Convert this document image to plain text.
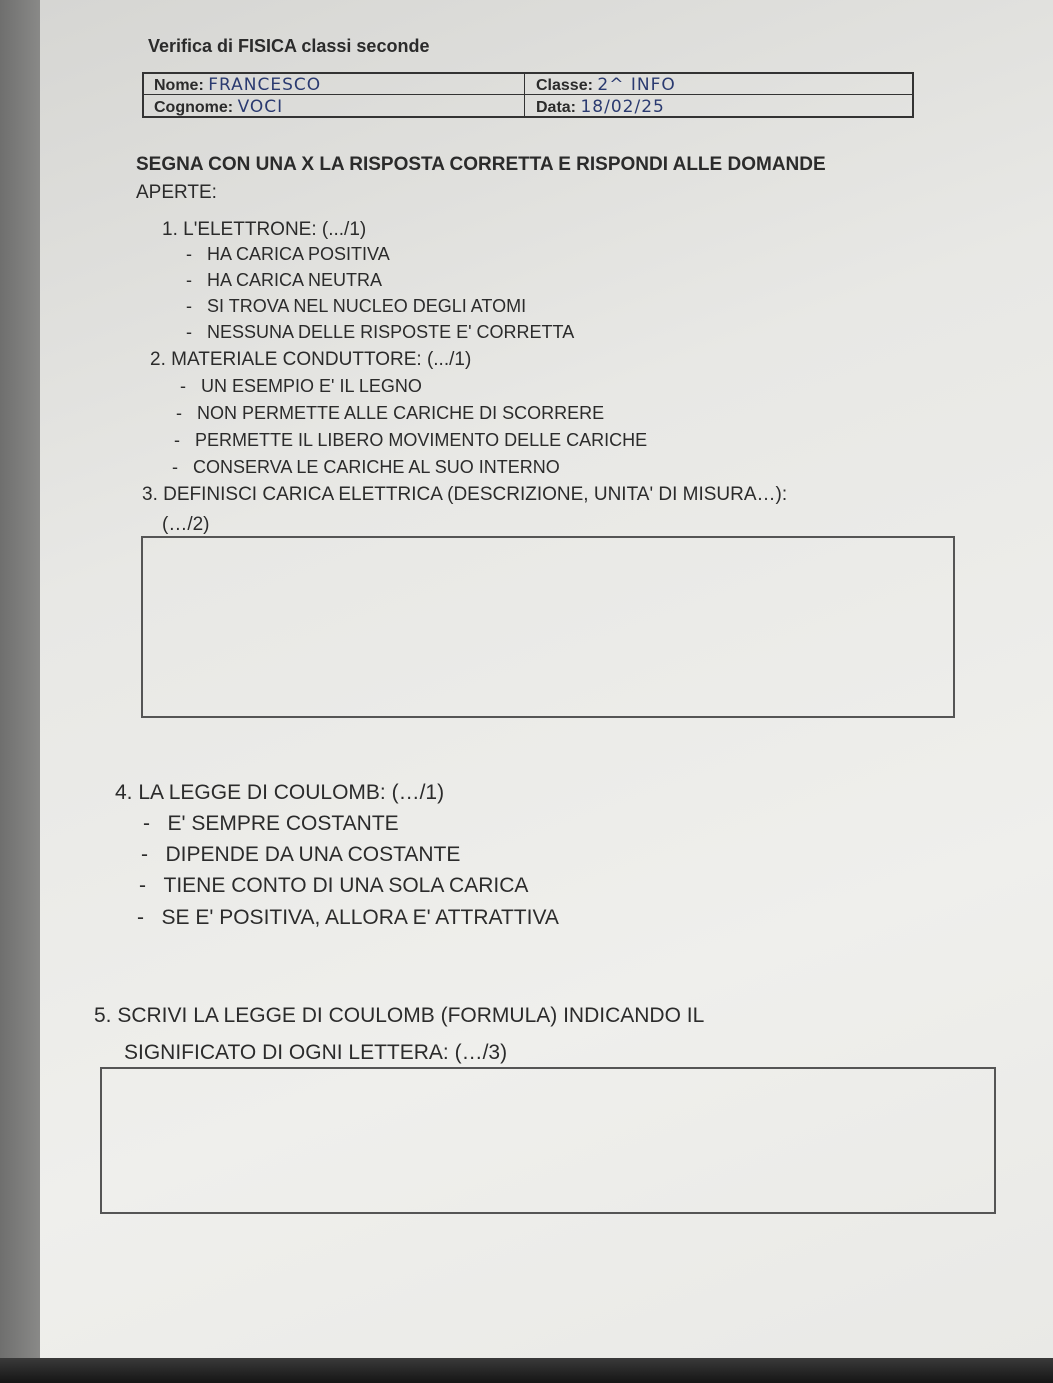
Verifica di FISICA classi seconde
Nome: FRANCESCO	Classe: 2^ INFO
Cognome: VOCI	Data: 18/02/25
SEGNA CON UNA X LA RISPOSTA CORRETTA E RISPONDI ALLE DOMANDE
APERTE:
1. L'ELETTRONE: (.../1)
- HA CARICA POSITIVA
- HA CARICA NEUTRA
- SI TROVA NEL NUCLEO DEGLI ATOMI
- NESSUNA DELLE RISPOSTE E' CORRETTA
2. MATERIALE CONDUTTORE: (.../1)
- UN ESEMPIO E' IL LEGNO
- NON PERMETTE ALLE CARICHE DI SCORRERE
- PERMETTE IL LIBERO MOVIMENTO DELLE CARICHE
- CONSERVA LE CARICHE AL SUO INTERNO
3. DEFINISCI CARICA ELETTRICA (DESCRIZIONE, UNITA' DI MISURA…):
(…/2)
4. LA LEGGE DI COULOMB: (…/1)
- E' SEMPRE COSTANTE
- DIPENDE DA UNA COSTANTE
- TIENE CONTO DI UNA SOLA CARICA
- SE E' POSITIVA, ALLORA E' ATTRATTIVA
5. SCRIVI LA LEGGE DI COULOMB (FORMULA) INDICANDO IL
SIGNIFICATO DI OGNI LETTERA: (…/3)
